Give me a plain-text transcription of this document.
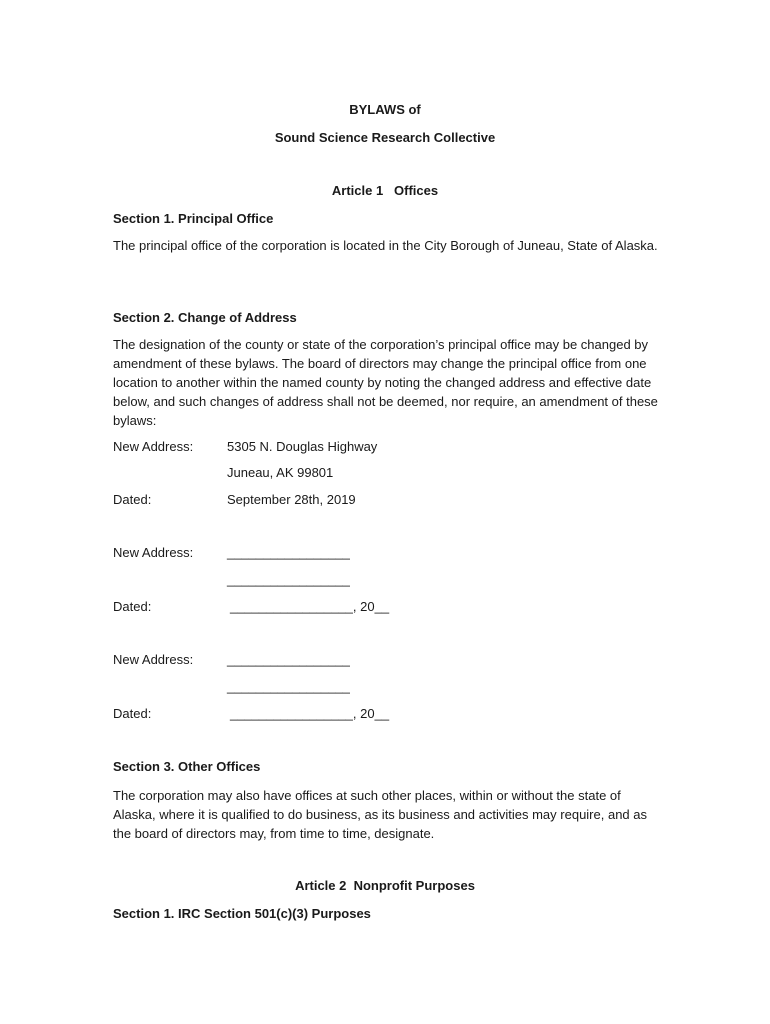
BYLAWS of
Sound Science Research Collective
Article 1   Offices
Section 1. Principal Office
The principal office of the corporation is located in the City Borough of Juneau, State of Alaska.
Section 2. Change of Address
The designation of the county or state of the corporation’s principal office may be changed by amendment of these bylaws. The board of directors may change the principal office from one location to another within the named county by noting the changed address and effective date below, and such changes of address shall not be deemed, nor require, an amendment of these bylaws:
New Address:	5305 N. Douglas Highway
Juneau, AK 99801
Dated:	September 28th, 2019
New Address:	_________________
_________________
Dated:	_________________, 20__
New Address:	_________________
_________________
Dated:	_________________, 20__
Section 3. Other Offices
The corporation may also have offices at such other places, within or without the state of Alaska, where it is qualified to do business, as its business and activities may require, and as the board of directors may, from time to time, designate.
Article 2  Nonprofit Purposes
Section 1. IRC Section 501(c)(3) Purposes
